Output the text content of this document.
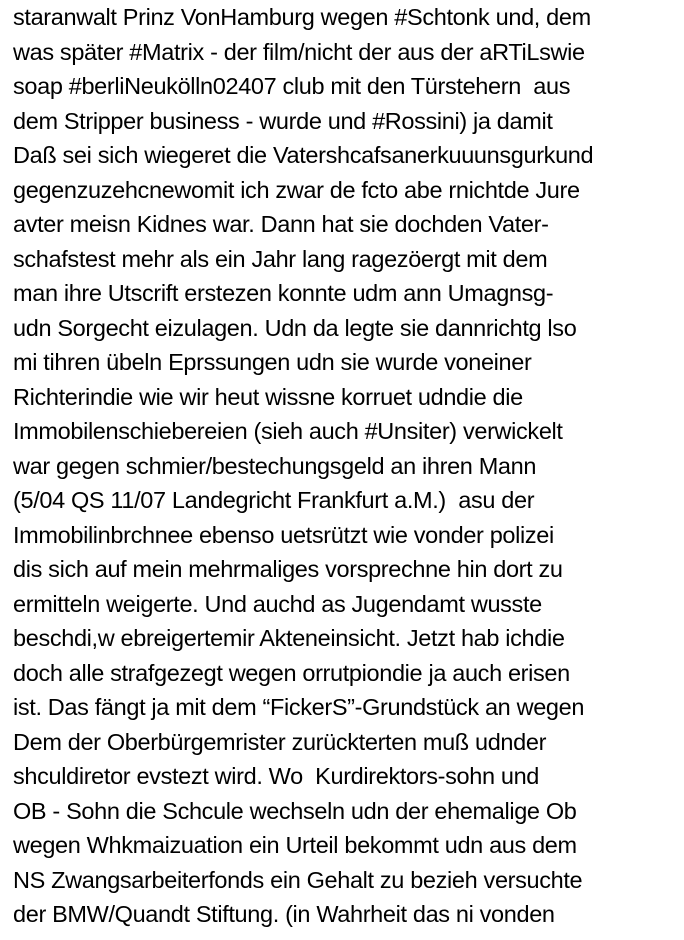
staranwalt Prinz VonHamburg wegen #Schtonk und, dem
was später #Matrix - der film/nicht der aus der aRTiLswie
soap #berliNeukölln02407 club mit den Türstehern  aus
dem Stripper business - wurde und #Rossini) ja damit
Daß sei sich wiegeret die Vatershcafsanerkuuunsgurkund
gegenzuzehcnewomit ich zwar de fcto abe rnichtde Jure
avter meisn Kidnes war. Dann hat sie dochden Vater-
schafstest mehr als ein Jahr lang ragezöergt mit dem
man ihre Utscrift erstezen konnte udm ann Umagnsg-
udn Sorgecht eizulagen. Udn da legte sie dannrichtg lso
mi tihren übeln Eprssungen udn sie wurde voneiner
Richterindie wie wir heut wissne korruet udndie die
Immobilenschiebereien (sieh auch #Unsiter) verwickelt
war gegen schmier/bestechungsgeld an ihren Mann
(5/04 QS 11/07 Landegricht Frankfurt a.M.)  asu der
Immobilinbrchnee ebenso uetsrützt wie vonder polizei
dis sich auf mein mehrmaliges vorsprechne hin dort zu
ermitteln weigerte. Und auchd as Jugendamt wusste
beschdi,w ebreigertemir Akteneinsicht. Jetzt hab ichdie
doch alle strafgezegt wegen orrutpiondie ja auch erisen
ist. Das fängt ja mit dem “FickerS”-Grundstück an wegen
Dem der Oberbürgemrister zurückterten muß udnder
shculdiretor evstezt wird. Wo  Kurdirektors-sohn und
OB - Sohn die Schcule wechseln udn der ehemalige Ob
wegen Whkmaizuation ein Urteil bekommt udn aus dem
NS Zwangsarbeiterfonds ein Gehalt zu bezieh versuchte
der BMW/Quandt Stiftung. (in Wahrheit das ni vonden
